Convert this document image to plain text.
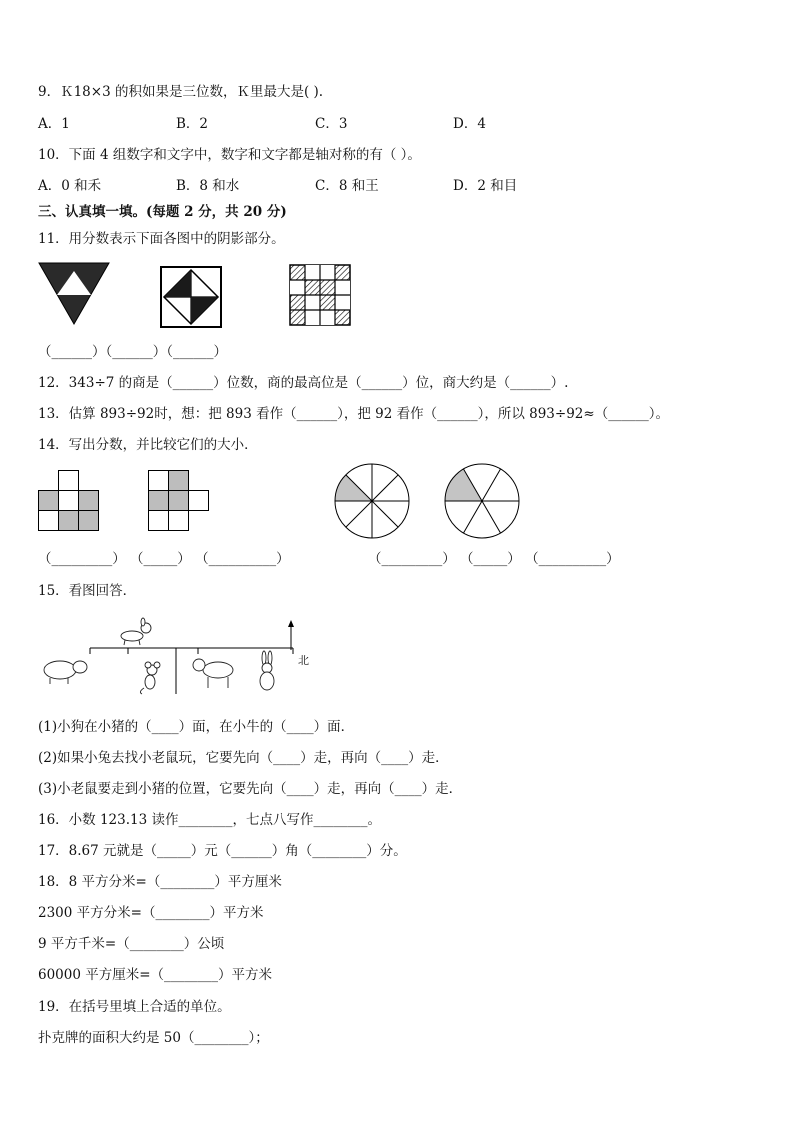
9．Ｋ18×3 的积如果是三位数，Ｋ里最大是( ).
A．1	B．2	C．3	D．4
10．下面 4 组数字和文字中，数字和文字都是轴对称的有（ ）。
A．0 和禾	B．8 和水	C．8 和王	D．2 和目
三、认真填一填。(每题 2 分，共 20 分)
11．用分数表示下面各图中的阴影部分。
（______）（______）（______）
12．343÷7 的商是（______）位数，商的最高位是（______）位，商大约是（______）.
13．估算 893÷92时，想：把 893 看作（______），把 92 看作（______），所以 893÷92≈（______）。
14．写出分数，并比较它们的大小．
（_________） （_____） （__________）	（_________） （_____） （__________）
15．看图回答．
北
(1)小狗在小猪的（____）面，在小牛的（____）面．
(2)如果小兔去找小老鼠玩，它要先向（____）走，再向（____）走．
(3)小老鼠要走到小猪的位置，它要先向（____）走，再向（____）走．
16．小数 123.13 读作________，七点八写作________。
17．8.67 元就是（_____）元（______）角（________）分。
18．8 平方分米=（________）平方厘米
2300 平方分米=（________）平方米
9 平方千米=（________）公顷
60000 平方厘米=（________）平方米
19．在括号里填上合适的单位。
扑克牌的面积大约是 50（________）；
